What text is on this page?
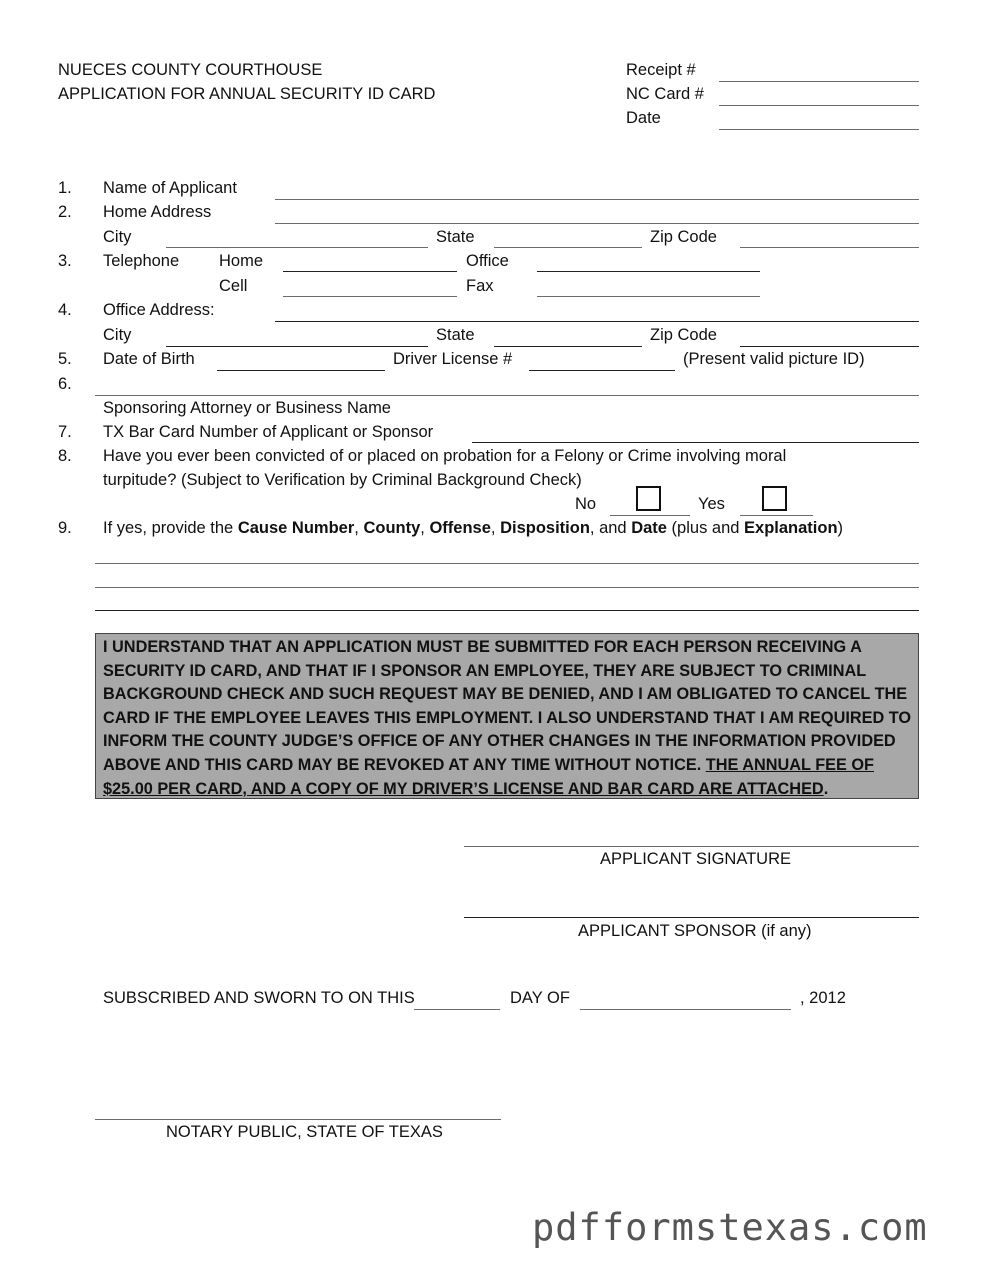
NUECES COUNTY COURTHOUSE
APPLICATION FOR ANNUAL SECURITY ID CARD
Receipt #
NC Card #
Date
1. Name of Applicant
2. Home Address
City	State	Zip Code
3. Telephone Home	Office
Cell	Fax
4. Office Address:
City	State	Zip Code
5. Date of Birth	Driver License #	(Present valid picture ID)
6.
Sponsoring Attorney or Business Name
7. TX Bar Card Number of Applicant or Sponsor
8. Have you ever been convicted of or placed on probation for a Felony or Crime involving moral
turpitude? (Subject to Verification by Criminal Background Check)
No	Yes
9. If yes, provide the Cause Number, County, Offense, Disposition, and Date (plus and Explanation)
I UNDERSTAND THAT AN APPLICATION MUST BE SUBMITTED FOR EACH PERSON RECEIVING A SECURITY ID CARD, AND THAT IF I SPONSOR AN EMPLOYEE, THEY ARE SUBJECT TO CRIMINAL BACKGROUND CHECK AND SUCH REQUEST MAY BE DENIED, AND I AM OBLIGATED TO CANCEL THE CARD IF THE EMPLOYEE LEAVES THIS EMPLOYMENT. I ALSO UNDERSTAND THAT I AM REQUIRED TO INFORM THE COUNTY JUDGE’S OFFICE OF ANY OTHER CHANGES IN THE INFORMATION PROVIDED ABOVE AND THIS CARD MAY BE REVOKED AT ANY TIME WITHOUT NOTICE. THE ANNUAL FEE OF $25.00 PER CARD, AND A COPY OF MY DRIVER’S LICENSE AND BAR CARD ARE ATTACHED.
APPLICANT SIGNATURE
APPLICANT SPONSOR (if any)
SUBSCRIBED AND SWORN TO ON THIS	DAY OF	, 2012
NOTARY PUBLIC, STATE OF TEXAS
pdfformstexas.com
